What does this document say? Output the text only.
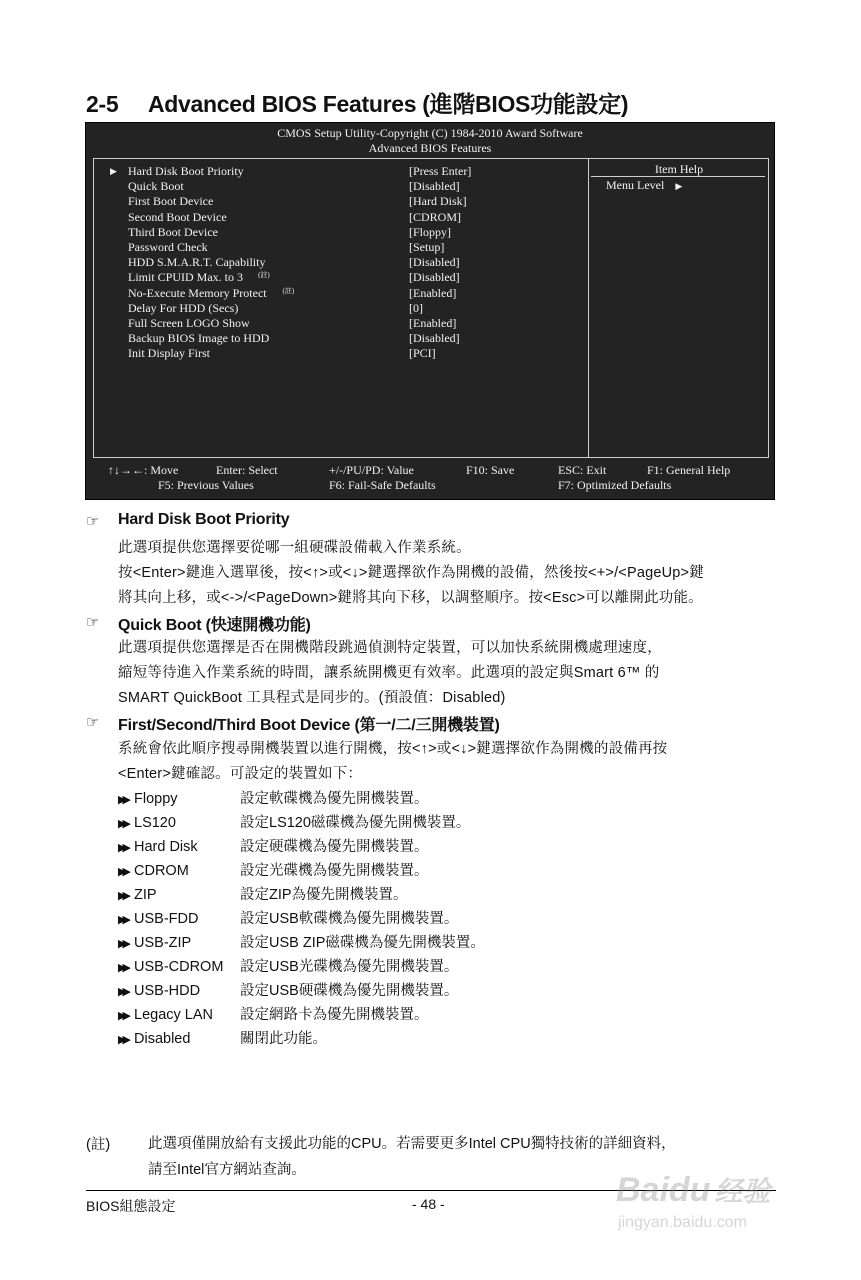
2-5 Advanced BIOS Features (進階BIOS功能設定)
CMOS Setup Utility-Copyright (C) 1984-2010 Award Software
Advanced BIOS Features
▶ Hard Disk Boot Priority	[Press Enter]
Quick Boot	[Disabled]
First Boot Device	[Hard Disk]
Second Boot Device	[CDROM]
Third Boot Device	[Floppy]
Password Check	[Setup]
HDD S.M.A.R.T. Capability	[Disabled]
Limit CPUID Max. to 3 (註)	[Disabled]
No-Execute Memory Protect (註)	[Enabled]
Delay For HDD (Secs)	[0]
Full Screen LOGO Show	[Enabled]
Backup BIOS Image to HDD	[Disabled]
Init Display First	[PCI]
Item Help
Menu Level ▶
↑↓→←: Move	Enter: Select	+/-/PU/PD: Value	F10: Save	ESC: Exit	F1: General Help
F5: Previous Values	F6: Fail-Safe Defaults	F7: Optimized Defaults
☞ Hard Disk Boot Priority
此選項提供您選擇要從哪一組硬碟設備載入作業系統。
按<Enter>鍵進入選單後，按<↑>或<↓>鍵選擇欲作為開機的設備，然後按<+>/<PageUp>鍵
將其向上移，或<->/<PageDown>鍵將其向下移，以調整順序。按<Esc>可以離開此功能。
☞ Quick Boot (快速開機功能)
此選項提供您選擇是否在開機階段跳過偵測特定裝置，可以加快系統開機處理速度，
縮短等待進入作業系統的時間，讓系統開機更有效率。此選項的設定與Smart 6™ 的
SMART QuickBoot 工具程式是同步的。(預設值：Disabled)
☞ First/Second/Third Boot Device (第一/二/三開機裝置)
系統會依此順序搜尋開機裝置以進行開機，按<↑>或<↓>鍵選擇欲作為開機的設備再按
<Enter>鍵確認。可設定的裝置如下：
▶▶ Floppy	設定軟碟機為優先開機裝置。
▶▶ LS120	設定LS120磁碟機為優先開機裝置。
▶▶ Hard Disk	設定硬碟機為優先開機裝置。
▶▶ CDROM	設定光碟機為優先開機裝置。
▶▶ ZIP	設定ZIP為優先開機裝置。
▶▶ USB-FDD	設定USB軟碟機為優先開機裝置。
▶▶ USB-ZIP	設定USB ZIP磁碟機為優先開機裝置。
▶▶ USB-CDROM 設定USB光碟機為優先開機裝置。
▶▶ USB-HDD	設定USB硬碟機為優先開機裝置。
▶▶ Legacy LAN 設定網路卡為優先開機裝置。
▶▶ Disabled	關閉此功能。
(註)	此選項僅開放給有支援此功能的CPU。若需要更多Intel CPU獨特技術的詳細資料，
請至Intel官方網站查詢。
BIOS組態設定	- 48 -	Baidu 经验
jingyan.baidu.com
